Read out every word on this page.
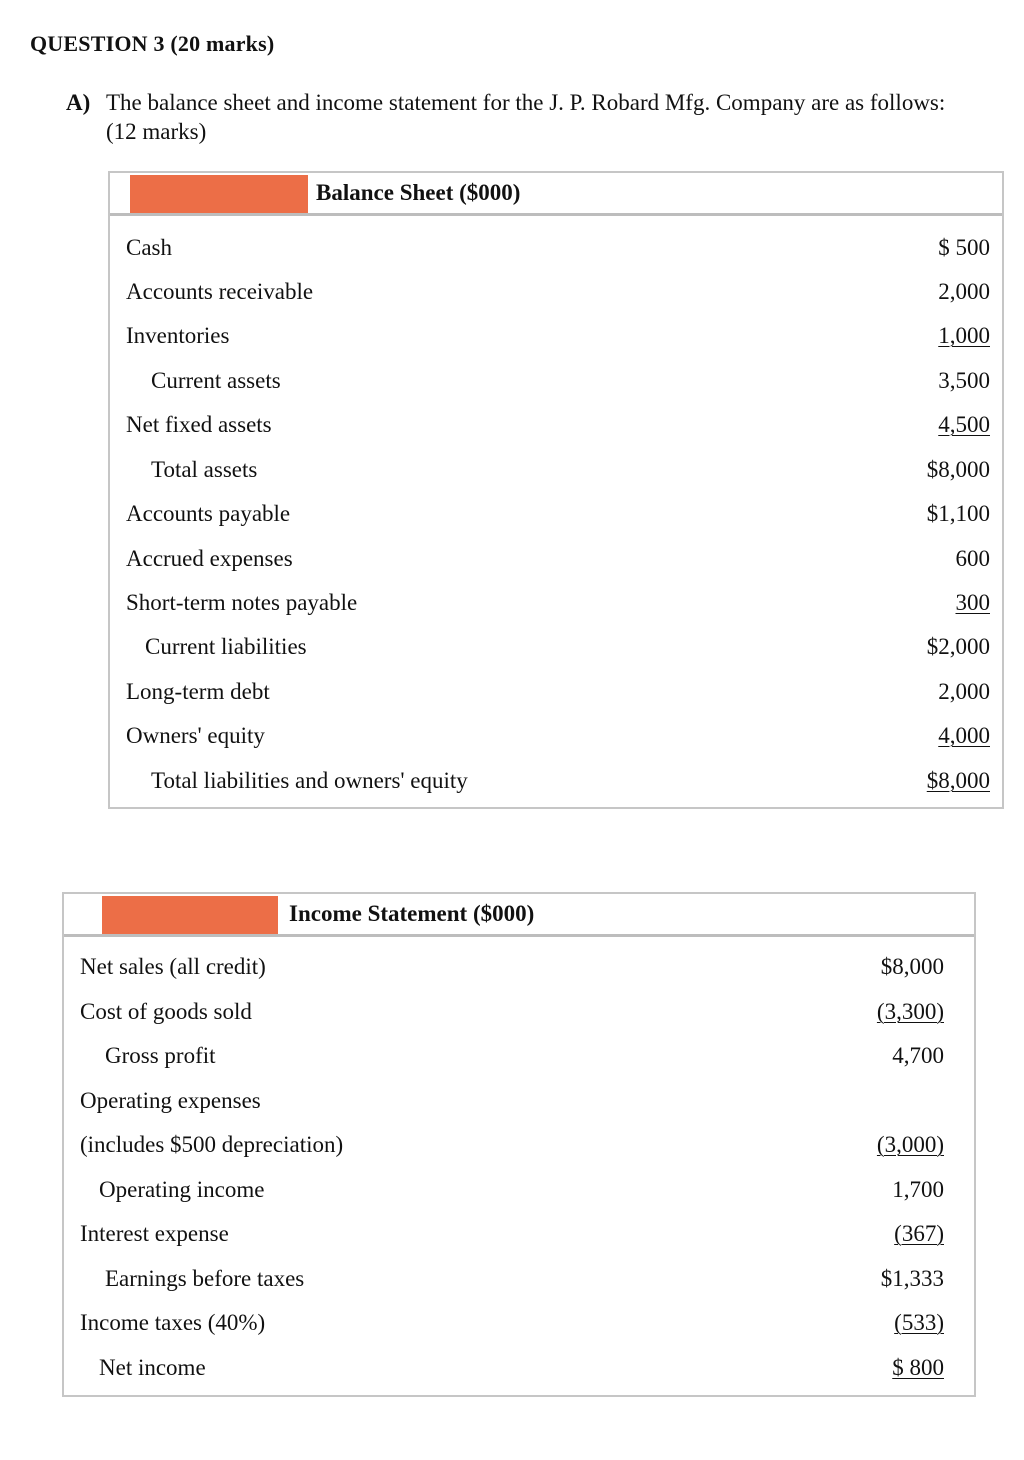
QUESTION 3 (20 marks)
A) The balance sheet and income statement for the J. P. Robard Mfg. Company are as follows: (12 marks)
Balance Sheet ($000)
Cash	$ 500
Accounts receivable	2,000
Inventories	1,000
Current assets	3,500
Net fixed assets	4,500
Total assets	$8,000
Accounts payable	$1,100
Accrued expenses	600
Short-term notes payable	300
Current liabilities	$2,000
Long-term debt	2,000
Owners' equity	4,000
Total liabilities and owners' equity	$8,000
Income Statement ($000)
Net sales (all credit)	$8,000
Cost of goods sold	(3,300)
Gross profit	4,700
Operating expenses
(includes $500 depreciation)	(3,000)
Operating income	1,700
Interest expense	(367)
Earnings before taxes	$1,333
Income taxes (40%)	(533)
Net income	$ 800
